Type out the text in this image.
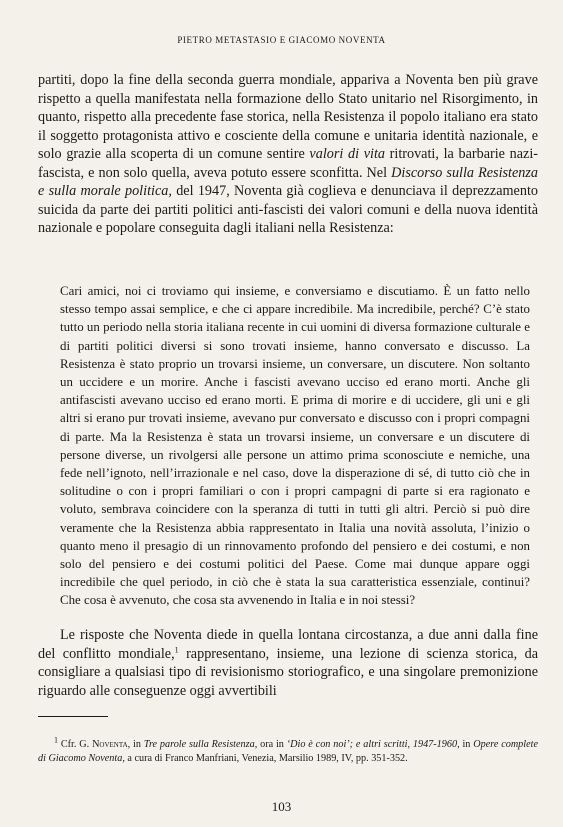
PIETRO METASTASIO E GIACOMO NOVENTA

partiti, dopo la fine della seconda guerra mondiale, appariva a Noventa ben più grave rispetto a quella manifestata nella formazione dello Stato unitario nel Risorgimento, in quanto, rispetto alla precedente fase storica, nella Resistenza il popolo italiano era stato il soggetto protagonista attivo e cosciente della comune e unitaria identità nazionale, e solo grazie alla scoperta di un comune sentire valori di vita ritrovati, la barbarie nazi-fascista, e non solo quella, aveva potuto essere sconfitta. Nel Discorso sulla Resistenza e sulla morale politica, del 1947, Noventa già coglieva e denunciava il deprezzamento suicida da parte dei partiti politici anti-fascisti dei valori comuni e della nuova identità nazionale e popolare conseguita dagli italiani nella Resistenza:

Cari amici, noi ci troviamo qui insieme, e conversiamo e discutiamo. È un fatto nello stesso tempo assai semplice, e che ci appare incredibile. Ma incredibile, perché? C’è stato tutto un periodo nella storia italiana recente in cui uomini di diversa formazione culturale e di partiti politici diversi si sono trovati insieme, hanno conversato e discusso. La Resistenza è stato proprio un trovarsi insieme, un conversare, un discutere. Non soltanto un uccidere e un morire. Anche i fascisti avevano ucciso ed erano morti. Anche gli antifascisti avevano ucciso ed erano morti. E prima di morire e di uccidere, gli uni e gli altri si erano pur trovati insieme, avevano pur conversato e discusso con i propri compagni di parte. Ma la Resistenza è stata un trovarsi insieme, un conversare e un discutere di persone diverse, un rivolgersi alle persone un attimo prima sconosciute e nemiche, una fede nell’ignoto, nell’irrazionale e nel caso, dove la disperazione di sé, di tutto ciò che in solitudine o con i propri familiari o con i propri campagni di parte si era ragionato e voluto, sembrava coincidere con la speranza di tutti in tutti gli altri. Perciò si può dire veramente che la Resistenza abbia rappresentato in Italia una novità assoluta, l’inizio o quanto meno il presagio di un rinnovamento profondo del pensiero e dei costumi, e non solo del pensiero e dei costumi politici del Paese. Come mai dunque appare oggi incredibile che quel periodo, in ciò che è stata la sua caratteristica essenziale, continui? Che cosa è avvenuto, che cosa sta avvenendo in Italia e in noi stessi?

Le risposte che Noventa diede in quella lontana circostanza, a due anni dalla fine del conflitto mondiale,$^1$ rappresentano, insieme, una lezione di scienza storica, da consigliare a qualsiasi tipo di revisionismo storiografico, e una singolare premonizione riguardo alle conseguenze oggi avvertibili

$^1$ Cfr. G. Noventa, in Tre parole sulla Resistenza, ora in ‘Dio è con noi’; e altri scritti, 1947-1960, in Opere complete di Giacomo Noventa, a cura di Franco Manfriani, Venezia, Marsilio 1989, IV, pp. 351-352.

103
